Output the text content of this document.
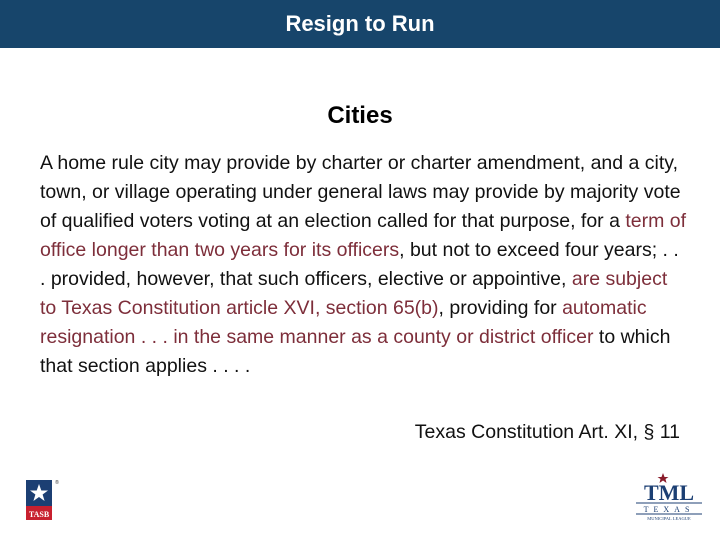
Resign to Run
Cities
A home rule city may provide by charter or charter amendment, and a city, town, or village operating under general laws may provide by majority vote of qualified voters voting at an election called for that purpose, for a term of office longer than two years for its officers, but not to exceed four years; . . . provided, however, that such officers, elective or appointive, are subject to Texas Constitution article XVI, section 65(b), providing for automatic resignation . . . in the same manner as a county or district officer to which that section applies . . . .
Texas Constitution Art. XI, § 11
TASB
®	TML
TEXAS
MUNICIPAL LEAGUE
